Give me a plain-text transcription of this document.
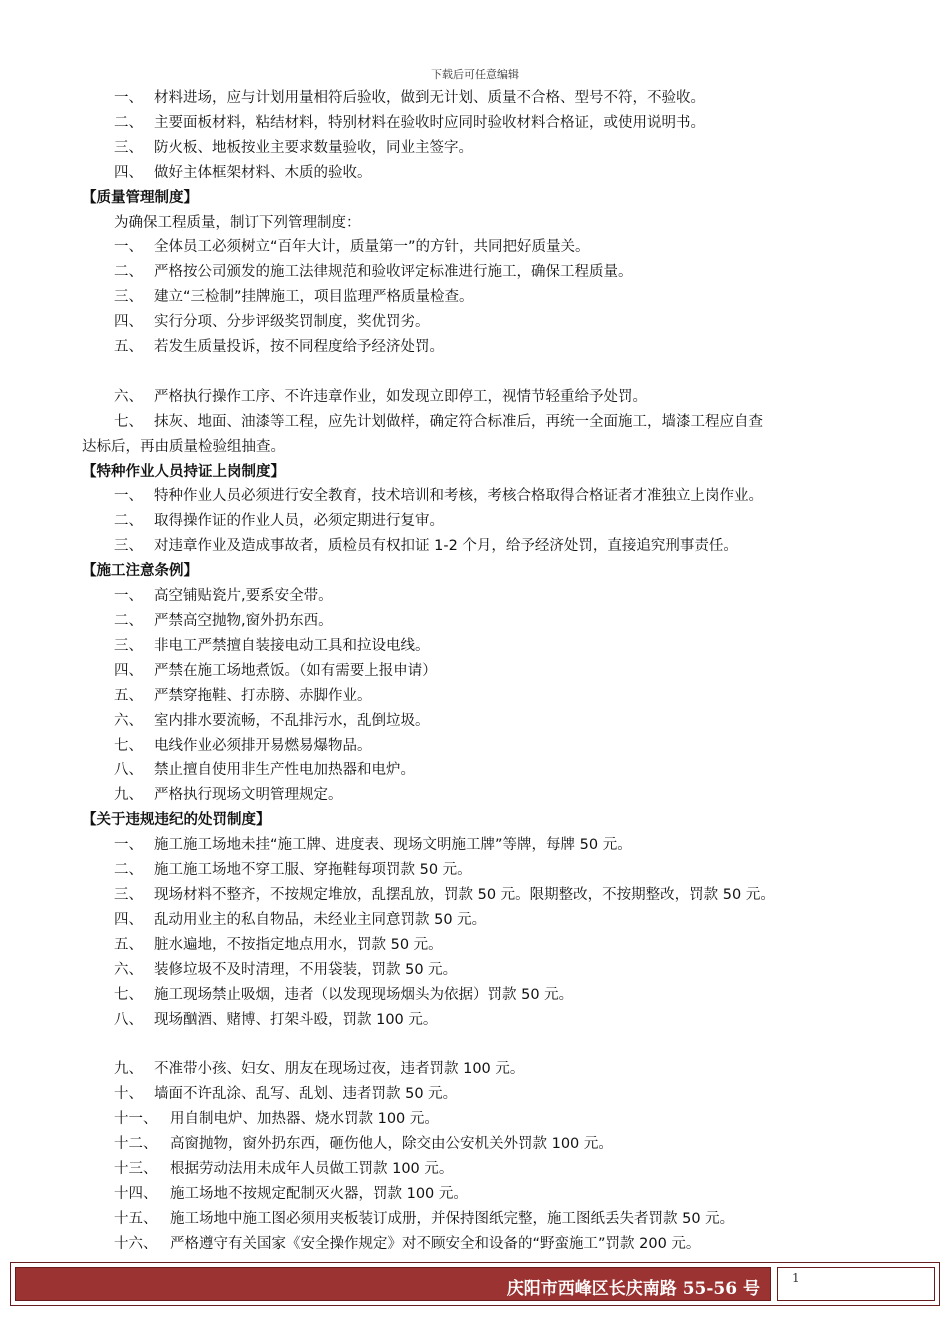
下载后可任意编辑
一、 材料进场，应与计划用量相符后验收，做到无计划、质量不合格、型号不符，不验收。
二、 主要面板材料，粘结材料，特别材料在验收时应同时验收材料合格证，或使用说明书。
三、 防火板、地板按业主要求数量验收，同业主签字。
四、 做好主体框架材料、木质的验收。
【质量管理制度】
为确保工程质量，制订下列管理制度：
一、 全体员工必须树立“百年大计，质量第一”的方针，共同把好质量关。
二、 严格按公司颁发的施工法律规范和验收评定标准进行施工，确保工程质量。
三、 建立“三检制”挂牌施工，项目监理严格质量检查。
四、 实行分项、分步评级奖罚制度，奖优罚劣。
五、 若发生质量投诉，按不同程度给予经济处罚。
六、 严格执行操作工序、不许违章作业，如发现立即停工，视情节轻重给予处罚。
七、 抹灰、地面、油漆等工程，应先计划做样，确定符合标准后，再统一全面施工，墙漆工程应自查
达标后，再由质量检验组抽查。
【特种作业人员持证上岗制度】
一、 特种作业人员必须进行安全教育，技术培训和考核，考核合格取得合格证者才准独立上岗作业。
二、 取得操作证的作业人员，必须定期进行复审。
三、 对违章作业及造成事故者，质检员有权扣证 1-2 个月，给予经济处罚，直接追究刑事责任。
【施工注意条例】
一、 高空铺贴瓷片,要系安全带。
二、 严禁高空抛物,窗外扔东西。
三、 非电工严禁擅自装接电动工具和拉设电线。
四、 严禁在施工场地煮饭。（如有需要上报申请）
五、 严禁穿拖鞋、打赤膀、赤脚作业。
六、 室内排水要流畅，不乱排污水，乱倒垃圾。
七、 电线作业必须排开易燃易爆物品。
八、 禁止擅自使用非生产性电加热器和电炉。
九、 严格执行现场文明管理规定。
【关于违规违纪的处罚制度】
一、 施工施工场地未挂“施工牌、进度表、现场文明施工牌”等牌，每牌 50 元。
二、 施工施工场地不穿工服、穿拖鞋每项罚款 50 元。
三、 现场材料不整齐，不按规定堆放，乱摆乱放，罚款 50 元。限期整改，不按期整改，罚款 50 元。
四、 乱动用业主的私自物品，未经业主同意罚款 50 元。
五、 脏水遍地，不按指定地点用水，罚款 50 元。
六、 装修垃圾不及时清理，不用袋装，罚款 50 元。
七、 施工现场禁止吸烟，违者（以发现现场烟头为依据）罚款 50 元。
八、 现场酗酒、赌博、打架斗殴，罚款 100 元。
九、 不准带小孩、妇女、朋友在现场过夜，违者罚款 100 元。
十、 墙面不许乱涂、乱写、乱划、违者罚款 50 元。
十一、 用自制电炉、加热器、烧水罚款 100 元。
十二、 高窗抛物，窗外扔东西，砸伤他人，除交由公安机关外罚款 100 元。
十三、 根据劳动法用未成年人员做工罚款 100 元。
十四、 施工场地不按规定配制灭火器，罚款 100 元。
十五、 施工场地中施工图必须用夹板装订成册，并保持图纸完整，施工图纸丢失者罚款 50 元。
十六、 严格遵守有关国家《安全操作规定》对不顾安全和设备的“野蛮施工”罚款 200 元。
庆阳市西峰区长庆南路 55-56 号
1
